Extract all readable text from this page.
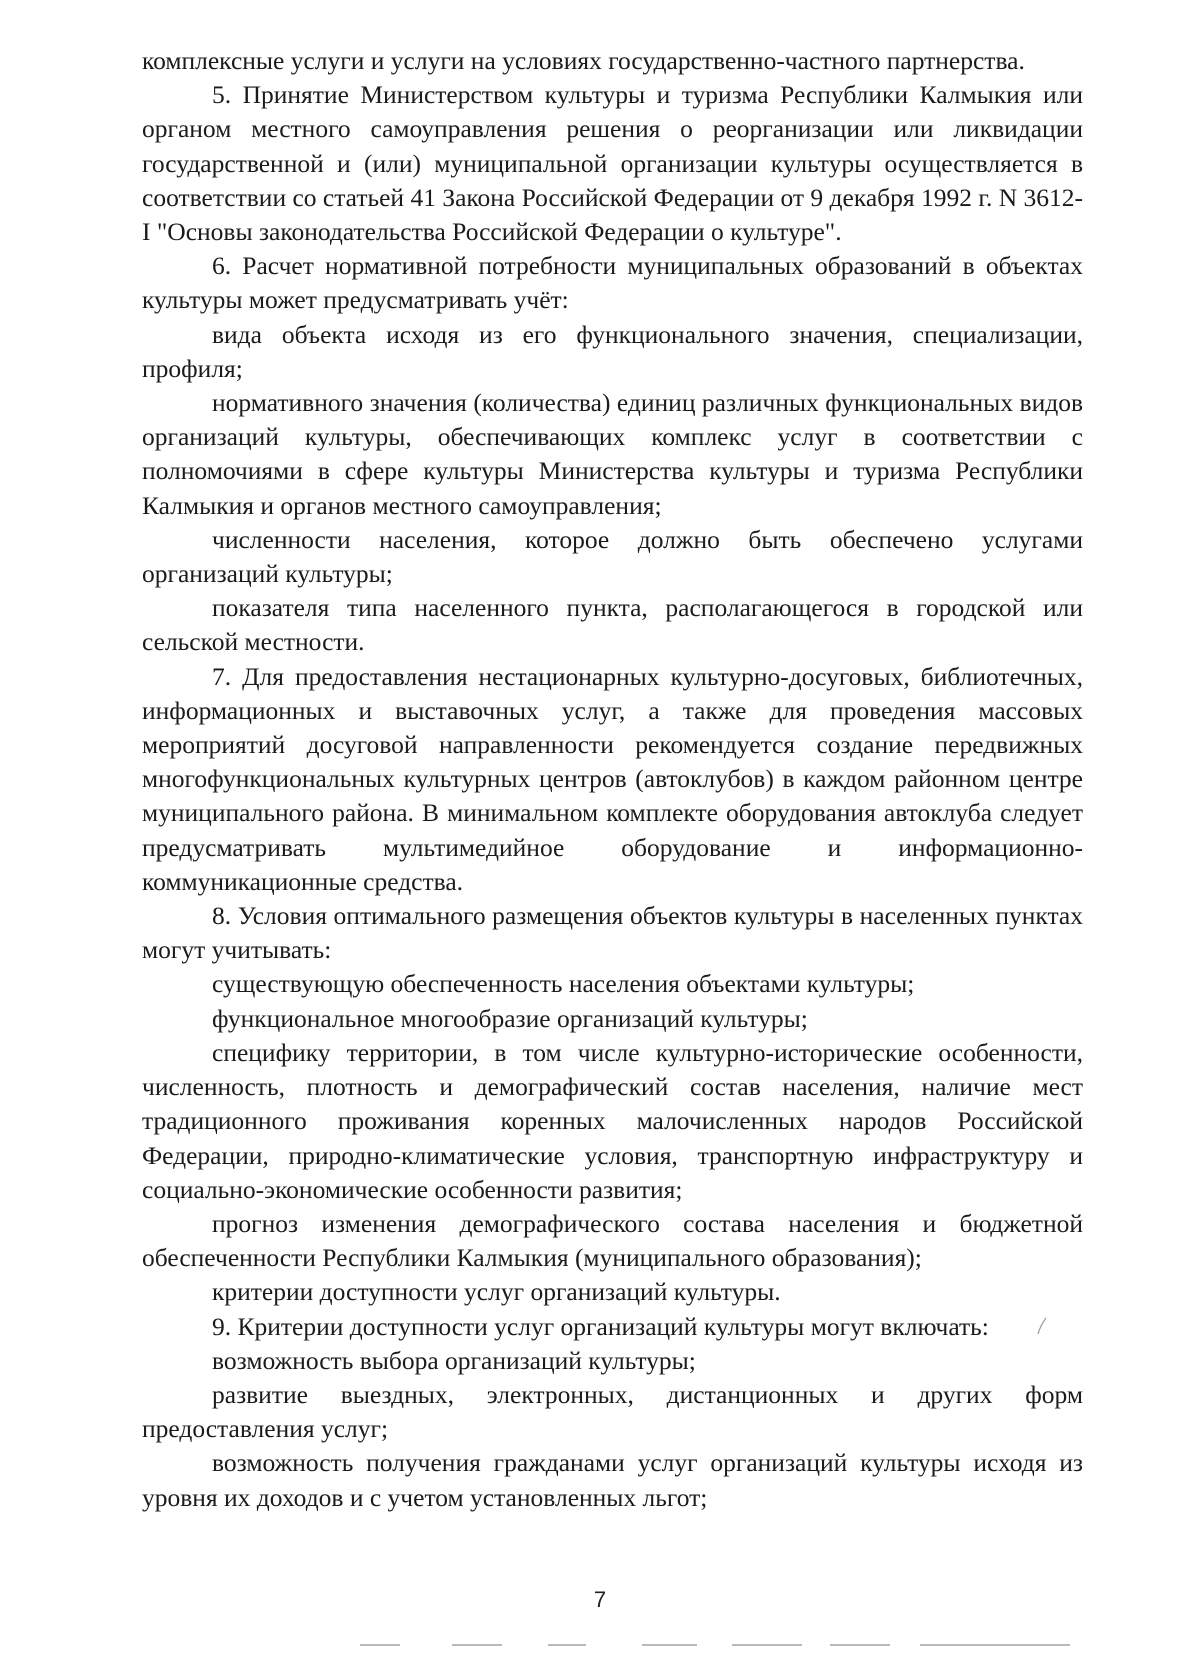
комплексные услуги и услуги на условиях государственно-частного партнерства.

5. Принятие Министерством культуры и туризма Республики Калмыкия или органом местного самоуправления решения о реорганизации или ликвидации государственной и (или) муниципальной организации культуры осуществляется в соответствии со статьей 41 Закона Российской Федерации от 9 декабря 1992 г. N 3612-I "Основы законодательства Российской Федерации о культуре".

6. Расчет нормативной потребности муниципальных образований в объектах культуры может предусматривать учёт:

вида объекта исходя из его функционального значения, специализации, профиля;

нормативного значения (количества) единиц различных функциональных видов организаций культуры, обеспечивающих комплекс услуг в соответствии с полномочиями в сфере культуры Министерства культуры и туризма Республики Калмыкия и органов местного самоуправления;

численности населения, которое должно быть обеспечено услугами организаций культуры;

показателя типа населенного пункта, располагающегося в городской или сельской местности.

7. Для предоставления нестационарных культурно-досуговых, библиотечных, информационных и выставочных услуг, а также для проведения массовых мероприятий досуговой направленности рекомендуется создание передвижных многофункциональных культурных центров (автоклубов) в каждом районном центре муниципального района. В минимальном комплекте оборудования автоклуба следует предусматривать мультимедийное оборудование и информационно-коммуникационные средства.

8. Условия оптимального размещения объектов культуры в населенных пунктах могут учитывать:

существующую обеспеченность населения объектами культуры;

функциональное многообразие организаций культуры;

специфику территории, в том числе культурно-исторические особенности, численность, плотность и демографический состав населения, наличие мест традиционного проживания коренных малочисленных народов Российской Федерации, природно-климатические условия, транспортную инфраструктуру и социально-экономические особенности развития;

прогноз изменения демографического состава населения и бюджетной обеспеченности Республики Калмыкия (муниципального образования);

критерии доступности услуг организаций культуры.

9. Критерии доступности услуг организаций культуры могут включать:

возможность выбора организаций культуры;

развитие выездных, электронных, дистанционных и других форм предоставления услуг;

возможность получения гражданами услуг организаций культуры исходя из уровня их доходов и с учетом установленных льгот;

7
